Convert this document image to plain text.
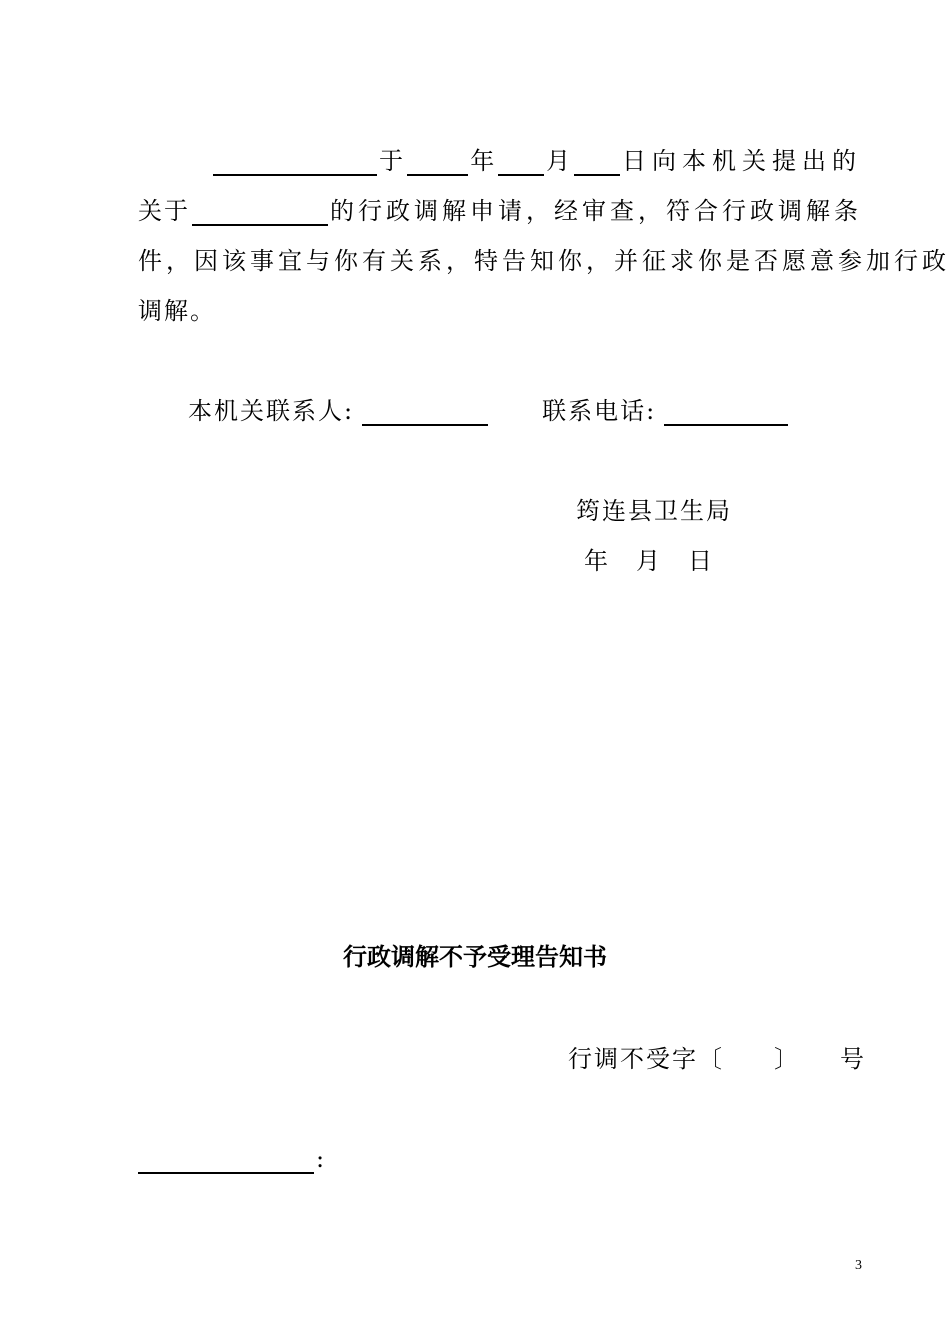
于	年 月 日向本机关提出的
关于	的行政调解申请，经审查，符合行政调解条
件，因该事宜与你有关系，特告知你，并征求你是否愿意参加行政
调解。
本机关联系人:	联系电话:
筠连县卫生局
年 月 日
行政调解不予受理告知书
行调不受字〔 〕 号
:
3
